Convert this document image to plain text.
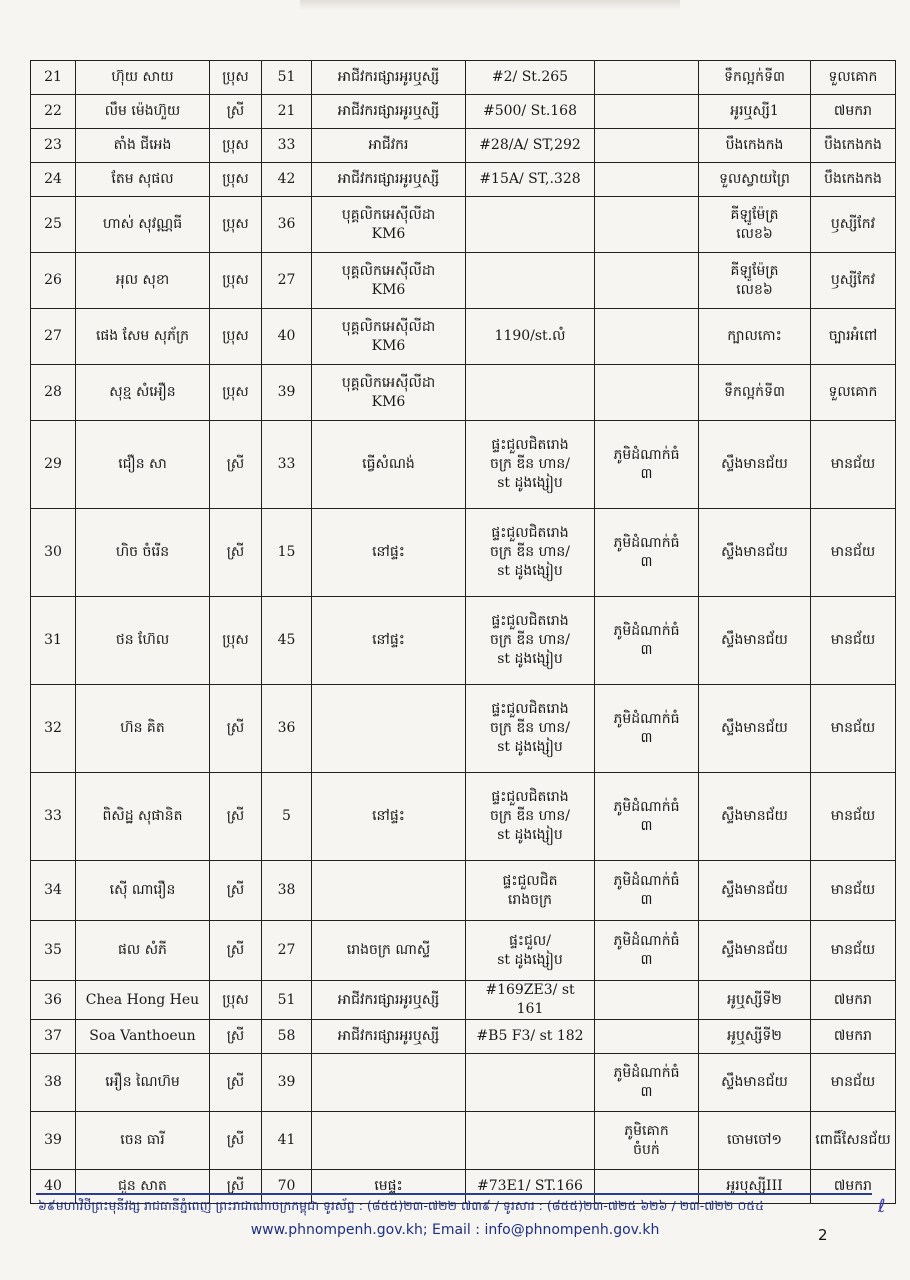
21	ហ៊ុយ សាយ	ប្រុស	51	អាជីវករផ្សារអូរឬស្សី	#2/ St.265		ទឹកល្អក់ទី៣	ទួលគោក
22	លឹម ម៉េងហ៊ួយ	ស្រី	21	អាជីវករផ្សារអូរឬស្សី	#500/ St.168		អូរឬស្សី1	៧មករា
23	តាំង ជីអេង	ប្រុស	33	អាជីវករ	#28/A/ ST,292		បឹងកេងកង	បឹងកេងកង
24	តែម សុផល	ប្រុស	42	អាជីវករផ្សារអូរឬស្សី	#15A/ ST,.328		ទួលស្វាយព្រៃ	បឹងកេងកង
25	ហាស់ សុវណ្ណធី	ប្រុស	36	បុគ្គលិកអេស៊ីលីដា
KM6			គីឡូម៉ែត្រ
លេខ៦	ឫស្សីកែវ
26	អុល សុខា	ប្រុស	27	បុគ្គលិកអេស៊ីលីដា
KM6			គីឡូម៉ែត្រ
លេខ៦	ឫស្សីកែវ
27	ផេង សែម សុភ័ក្រ	ប្រុស	40	បុគ្គលិកអេស៊ីលីដា
KM6	1190/st.លំ		ក្បាលកោះ	ច្បារអំពៅ
28	សុខ្ម សំអឿន	ប្រុស	39	បុគ្គលិកអេស៊ីលីដា
KM6			ទឹកល្អក់ទី៣	ទួលគោក
29	ជឿន សា	ស្រី	33	ធ្វើសំណង់	ផ្ទះជួលជិតរោង
ចក្រ ឌីន ហាន/
st ដូងង្សៀប	ភូមិដំណាក់ធំ
៣	ស្ទឹងមានជ័យ	មានជ័យ
30	ហិច ចំរើន	ស្រី	15	នៅផ្ទះ	ផ្ទះជួលជិតរោង
ចក្រ ឌីន ហាន/
st ដូងង្សៀប	ភូមិដំណាក់ធំ
៣	ស្ទឹងមានជ័យ	មានជ័យ
31	ថន ហ៊ែល	ប្រុស	45	នៅផ្ទះ	ផ្ទះជួលជិតរោង
ចក្រ ឌីន ហាន/
st ដូងង្សៀប	ភូមិដំណាក់ធំ
៣	ស្ទឹងមានជ័យ	មានជ័យ
32	ហ៊ន គិត	ស្រី	36		ផ្ទះជួលជិតរោង
ចក្រ ឌីន ហាន/
st ដូងង្សៀប	ភូមិដំណាក់ធំ
៣	ស្ទឹងមានជ័យ	មានជ័យ
33	ពិសិដ្ឋ សុផានិត	ស្រី	5	នៅផ្ទះ	ផ្ទះជួលជិតរោង
ចក្រ ឌីន ហាន/
st ដូងង្សៀប	ភូមិដំណាក់ធំ
៣	ស្ទឹងមានជ័យ	មានជ័យ
34	ស៊ើ ណារឿន	ស្រី	38		ផ្ទះជួលជិត
រោងចក្រ	ភូមិដំណាក់ធំ
៣	ស្ទឹងមានជ័យ	មានជ័យ
35	ផល សំភី	ស្រី	27	រោងចក្រ ណាស្ទី	ផ្ទះជួល/
st ដូងង្សៀប	ភូមិដំណាក់ធំ
៣	ស្ទឹងមានជ័យ	មានជ័យ
36	Chea Hong Heu	ប្រុស	51	អាជីវករផ្សារអូរឬស្សី	#169ZE3/ st 161		អូឬស្សីទី២	៧មករា
37	Soa Vanthoeun	ស្រី	58	អាជីវករផ្សារអូរឬស្សី	#B5 F3/ st 182		អូឬស្សីទី២	៧មករា
38	អឿន ណៃហ៊ម	ស្រី	39			ភូមិដំណាក់ធំ
៣	ស្ទឹងមានជ័យ	មានជ័យ
39	ចេន ធារី	ស្រី	41			ភូមិគោក
ចំបក់	ចោមចៅ១	ពោធិ៍សែនជ័យ
40	ជួន សាត	ស្រី	70	មេផ្ទះ	#73E1/ ST.166		អូរឬស្សីIII	៧មករា
៦៩មហាវិថីព្រះមុនីវង្ស រាជធានីភ្នំពេញ ព្រះរាជាណាចក្រកម្ពុជា ទូរស័ព្ទ : (៨៥៥)២៣-៧២២ ៧៣៩ / ទូរសារ : (៨៥៥)២៣-៧២៥ ៦២៦ / ២៣-៧២២ ០៥៤	ℓ
www.phnompenh.gov.kh; Email : info@phnompenh.gov.kh	2
